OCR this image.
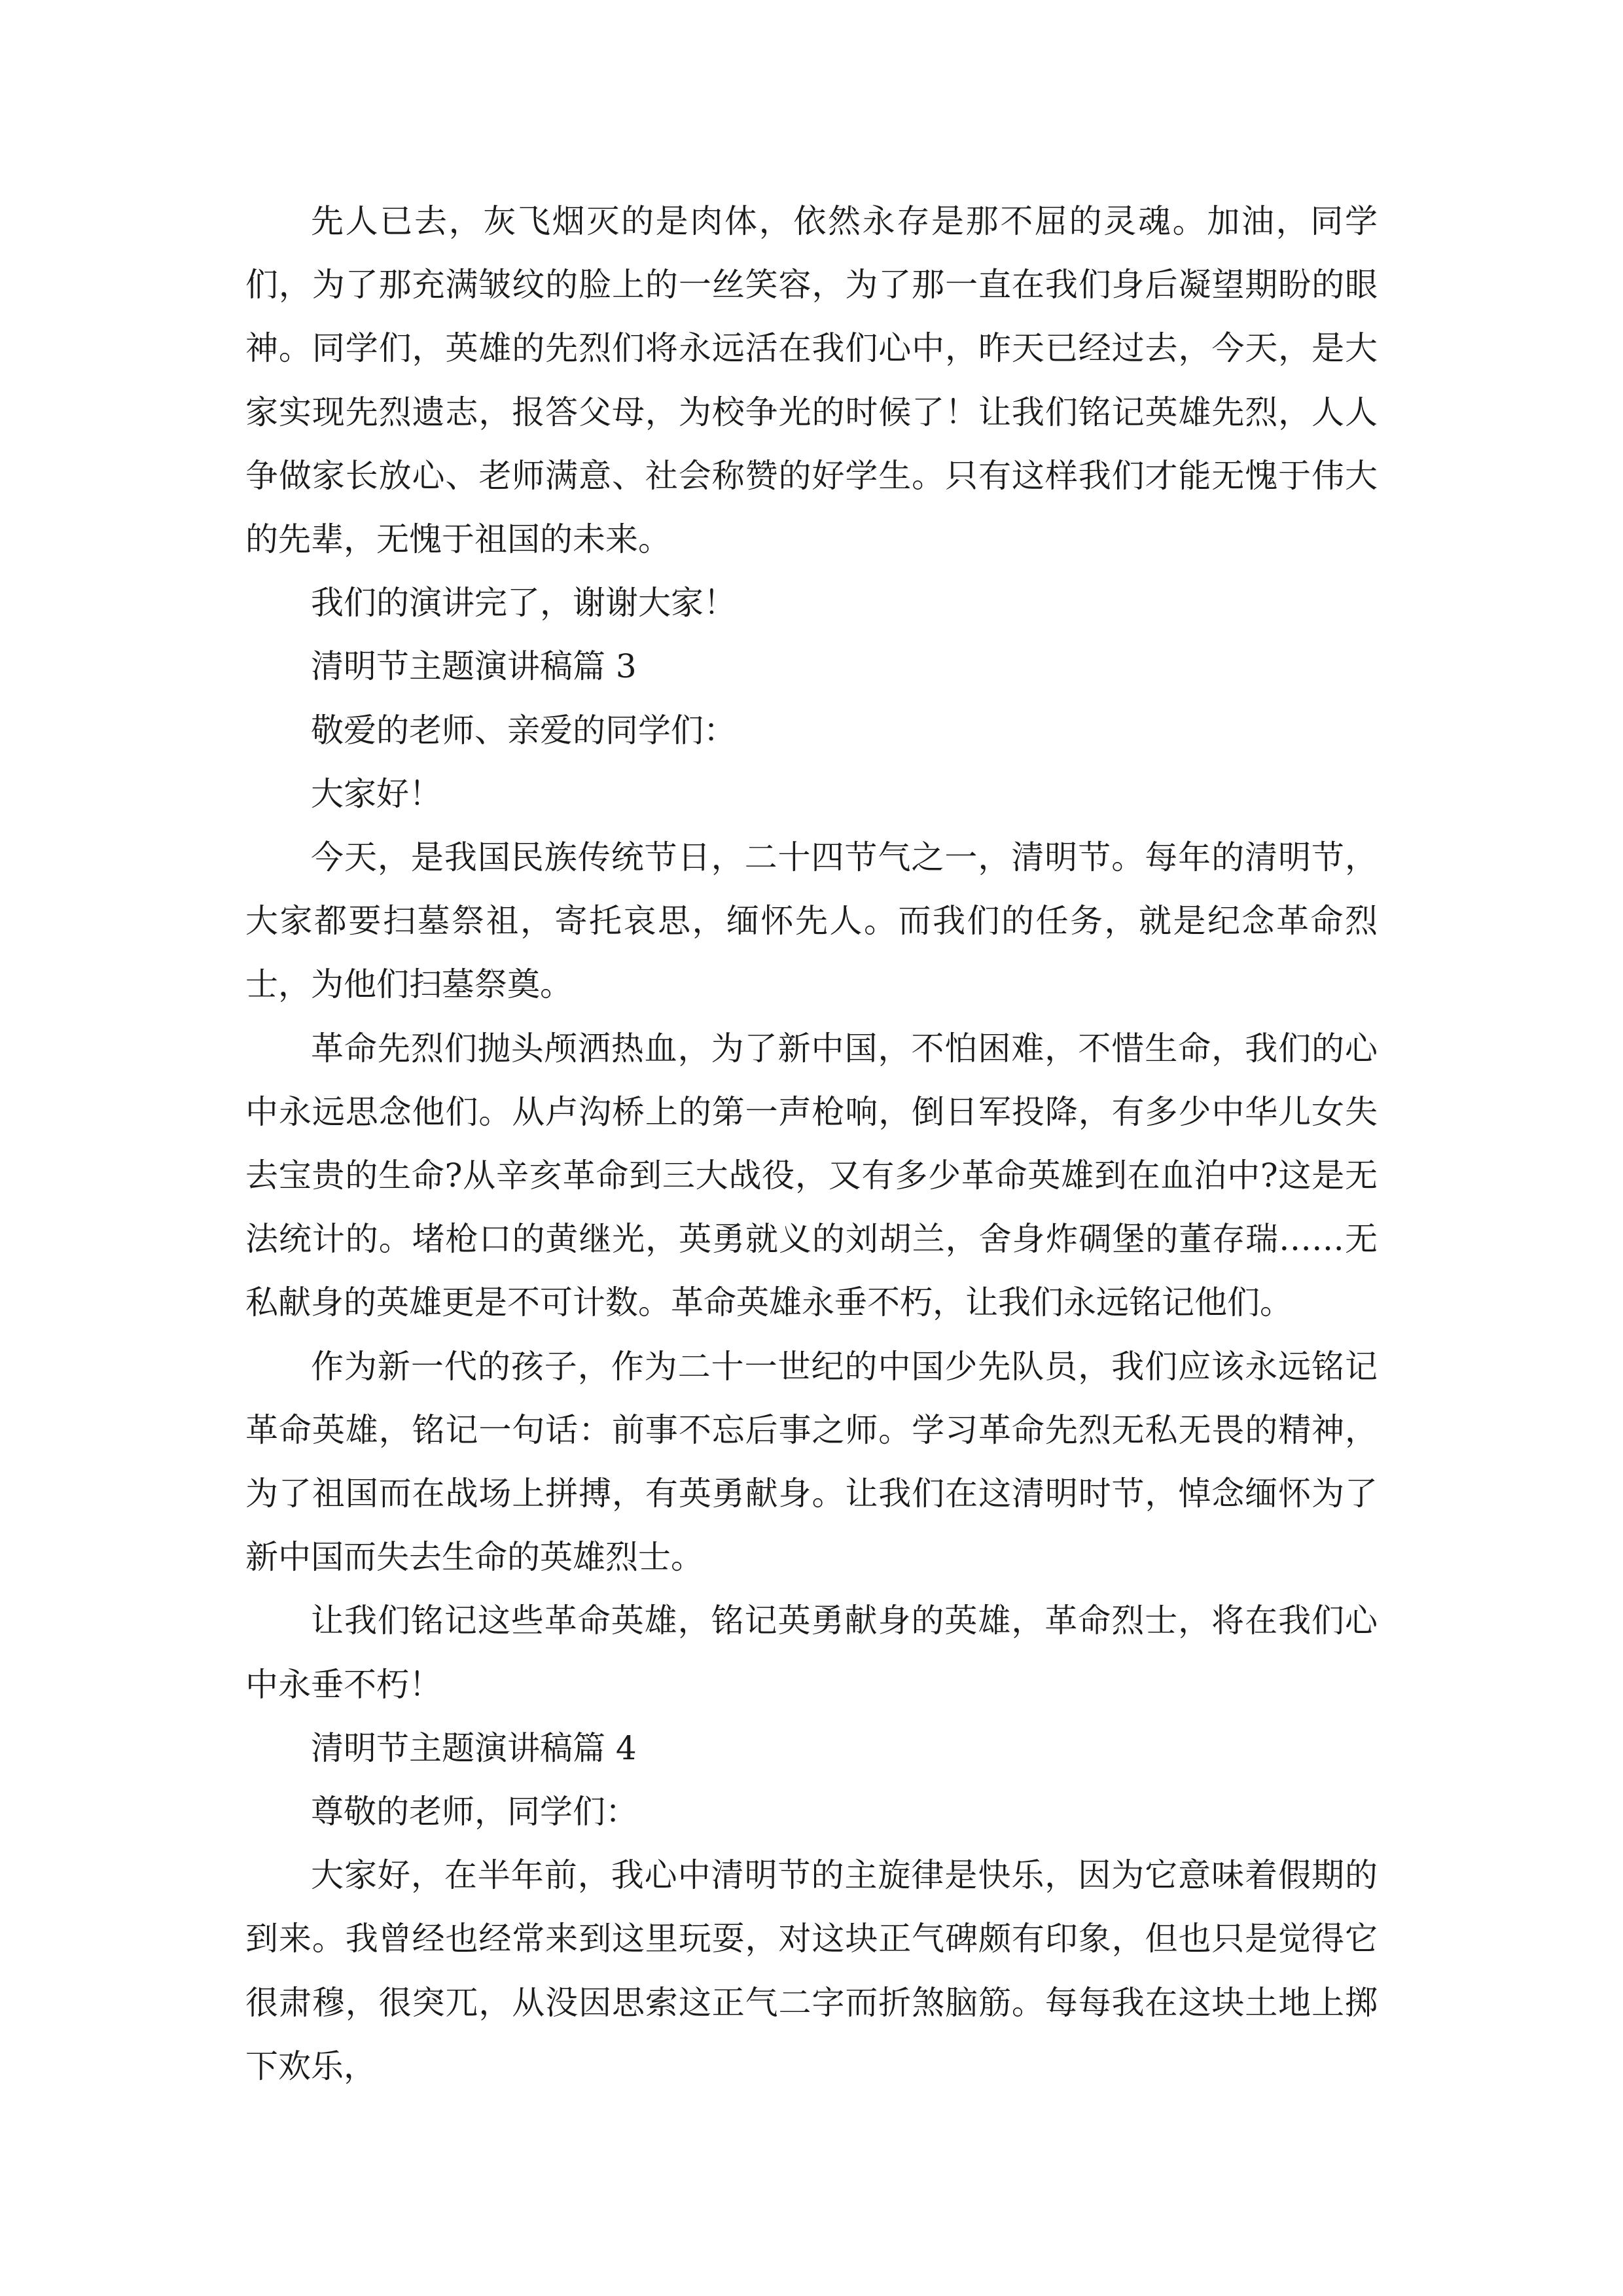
先人已去，灰飞烟灭的是肉体，依然永存是那不屈的灵魂。加油，同学们，为了那充满皱纹的脸上的一丝笑容，为了那一直在我们身后凝望期盼的眼神。同学们，英雄的先烈们将永远活在我们心中，昨天已经过去，今天，是大家实现先烈遗志，报答父母，为校争光的时候了！让我们铭记英雄先烈，人人争做家长放心、老师满意、社会称赞的好学生。只有这样我们才能无愧于伟大的先辈，无愧于祖国的未来。

我们的演讲完了，谢谢大家！

清明节主题演讲稿篇 3

敬爱的老师、亲爱的同学们：

大家好！

今天，是我国民族传统节日，二十四节气之一，清明节。每年的清明节，大家都要扫墓祭祖，寄托哀思，缅怀先人。而我们的任务，就是纪念革命烈士，为他们扫墓祭奠。

革命先烈们抛头颅洒热血，为了新中国，不怕困难，不惜生命，我们的心中永远思念他们。从卢沟桥上的第一声枪响，倒日军投降，有多少中华儿女失去宝贵的生命?从辛亥革命到三大战役，又有多少革命英雄到在血泊中?这是无法统计的。堵枪口的黄继光，英勇就义的刘胡兰，舍身炸碉堡的董存瑞……无私献身的英雄更是不可计数。革命英雄永垂不朽，让我们永远铭记他们。

作为新一代的孩子，作为二十一世纪的中国少先队员，我们应该永远铭记革命英雄，铭记一句话：前事不忘后事之师。学习革命先烈无私无畏的精神，为了祖国而在战场上拼搏，有英勇献身。让我们在这清明时节，悼念缅怀为了新中国而失去生命的英雄烈士。

让我们铭记这些革命英雄，铭记英勇献身的英雄，革命烈士，将在我们心中永垂不朽！

清明节主题演讲稿篇 4

尊敬的老师，同学们：

大家好，在半年前，我心中清明节的主旋律是快乐，因为它意味着假期的到来。我曾经也经常来到这里玩耍，对这块正气碑颇有印象，但也只是觉得它很肃穆，很突兀，从没因思索这正气二字而折煞脑筋。每每我在这块土地上掷下欢乐，
